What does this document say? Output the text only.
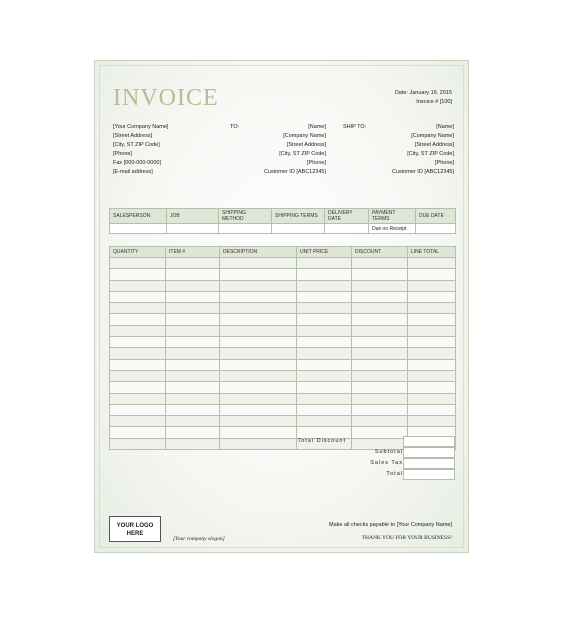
INVOICE	Date: January 19, 2015
Invoice # [100]
[Your Company Name]
[Street Address]
[City, ST ZIP Code]
[Phone]
Fax [000-000-0000]
[E-mail address]
TO:	[Name]
[Company Name]
[Street Address]
[City, ST ZIP Code]
[Phone]
Customer ID [ABC12345]
SHIP TO:	[Name]
[Company Name]
[Street Address]
[City, ST ZIP Code]
[Phone]
Customer ID [ABC12345]
SALESPERSON	JOB	SHIPPING METHOD	SHIPPING TERMS	DELIVERY DATE	PAYMENT TERMS	DUE DATE
					Due on Receipt	
QUANTITY	ITEM #	DESCRIPTION	UNIT PRICE	DISCOUNT	LINE TOTAL

Total Discount
Subtotal
Sales Tax
Total
YOUR LOGO
HERE
[Your company slogan]
Make all checks payable to [Your Company Name]
THANK YOU FOR YOUR BUSINESS!
